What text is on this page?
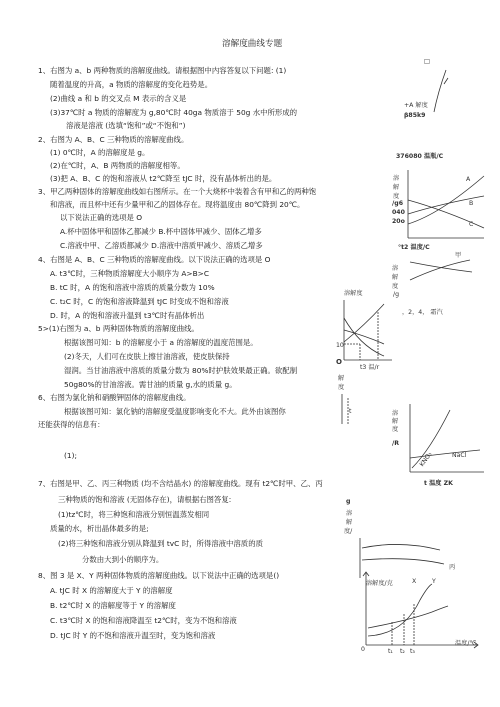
溶解度曲线专题
1、右图为 a、b 两种物质的溶解度曲线。请根据图中内容答复以下问题: (1)
随着温度的升高，a 物质的溶解度的变化趋势是。
(2)曲线 a 和 b 的交叉点 M 表示的含义是
(3)37℃时 a 物质的溶解度为 g,80℃时 40ga 物质溶于 50g 水中所形成的
溶液是溶液 (选填“饱和”或“不饱和”)
2、右图为 A、B、C 三种物质的溶解度曲线。
(1) 0℃时，A 的溶解度是 g。
(2)在℃时，A、B 两物质的溶解度相等。
(3)把 A、B、C 的饱和溶液从 t2℃降至 tJC 时，没有晶体析出的是。
3、甲乙两种固体的溶解度曲线如右图所示。在一个大烧杯中装着含有甲和乙的两种饱
和溶液，而且杯中还有少量甲和乙的固体存在。现将温度由 80℃降到 20℃。
以下说法正确的选项是 O
A.杯中固体甲和固体乙都减少 B.杯中固体甲减少、固体乙增多
C.溶液中甲、乙溶质都减少 D.溶液中溶质甲减少、溶质乙增多
4、右图是 A、B、C 三种物质的溶解度曲线。以下说法正确的选项是 O
A. t3℃时，三种物质溶解度大小顺序为 A>B>C
B. tC 时，A 的饱和溶液中溶质的质量分数为 10%
C. t₂C 时，C 的饱和溶液降温到 tJC 时变成不饱和溶液
D. 时，A 的饱和溶液升温到 t3℃时有晶体析出
5>(1)右图为 a、b 两种固体物质的溶解度曲线。
根据该图可知：b 的溶解度小于 a 的溶解度的温度范围是。
(2)冬天，人们可在皮肤上擦甘油溶液，使皮肤保持
湿润。当甘油溶液中溶质的质量分数为 80%时护肤效果最正确。欲配制
50g80%的甘油溶液。需甘油的质量 g,水的质量 g。
6、右图为氯化钠和硝酸钾固体的溶解度曲线。
根据该图可知：氯化钠的溶解度受温度影响变化不大。此外由该图你
还能获得的信息有：
(1);
7、右图是甲、乙、丙三种物质 (均不含结晶水) 的溶解度曲线。现有 t2℃时甲、乙、丙
三种物质的饱和溶液 (无固体存在)，请根据右图答复:
(1)tz℃时，将三种饱和溶液分别恒温蒸发相同
质量的水，析出晶体最多的是;
(2)将三种饱和溶液分别从降温到 tvC 时，所得溶液中溶质的质
分数由大到小的顺序为。
8、图 3 是 X、Y 两种固体物质的溶解度曲线。以下说法中正确的选项是()
A. tJC 时 X 的溶解度大于 Y 的溶解度
B. t2℃时 X 的溶解度等于 Y 的溶解度
C. t3℃时 X 的饱和溶液降温至 t2℃时，变为不饱和溶液
D. tJC 时 Y 的不饱和溶液升温至时，变为饱和溶液
□
+A 解度
β85k9
376080 温瓶/C
溶
解
度
/g6
040
20o
A
B
C
°t2 温度/C
溶
解
度
/g
甲
，2，4， 霜汽
溶解度
10
O
t3 温/r
解
度
t	溶解度
/R
KNO₃	NaCl
t 温度 ZK
g
溶
解
度/
丙
溶解度/克	X	Y
温度/℃
0	t₁ t₂ t₃
